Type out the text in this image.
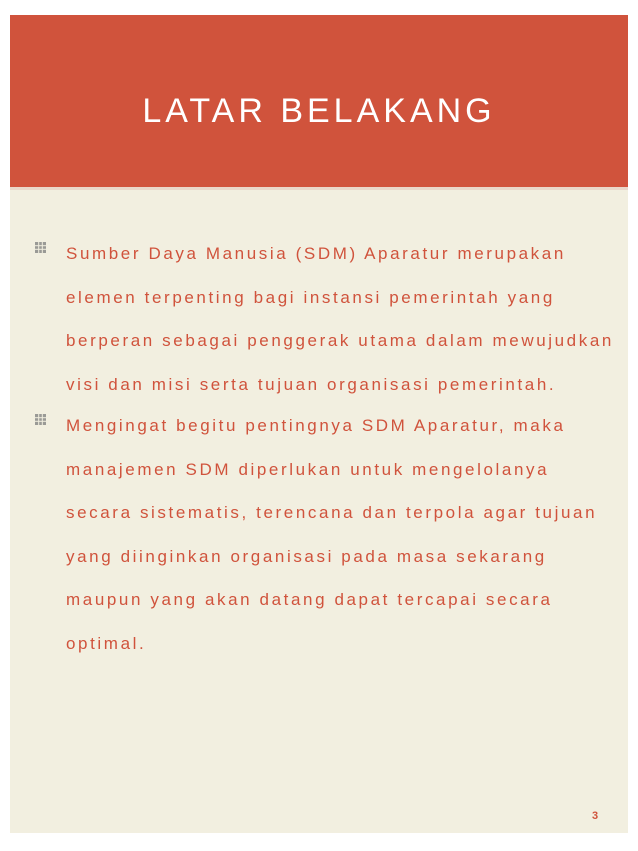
LATAR BELAKANG
Sumber Daya Manusia (SDM) Aparatur merupakan elemen terpenting bagi instansi pemerintah yang berperan sebagai penggerak utama dalam mewujudkan visi dan misi serta tujuan organisasi pemerintah.
Mengingat begitu pentingnya SDM Aparatur, maka manajemen SDM diperlukan untuk mengelolanya secara sistematis, terencana dan terpola agar tujuan yang diinginkan organisasi pada masa sekarang maupun yang akan datang dapat tercapai secara optimal.
3
